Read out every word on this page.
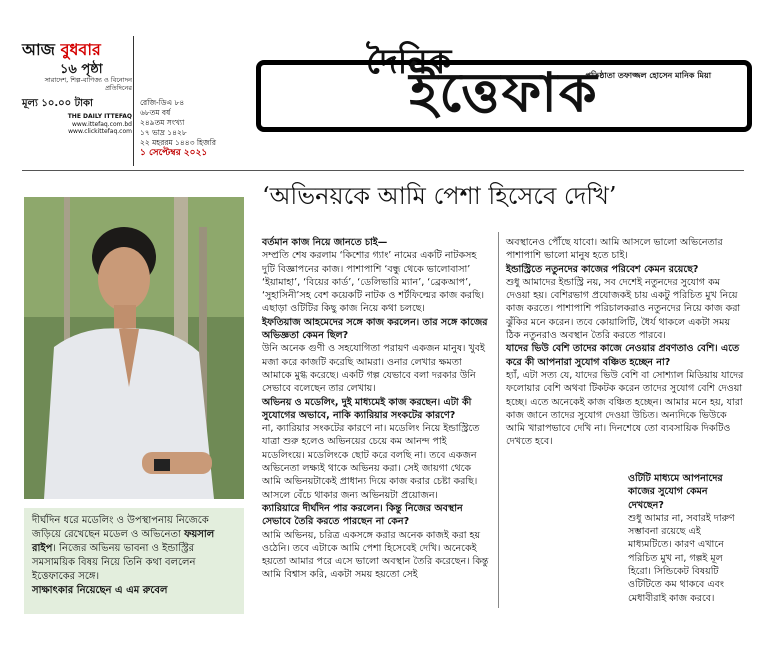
আজ বুধবার
১৬ পৃষ্ঠা
সারাদেশ, শিল্প-বাণিজ্য ও বিনোদন প্রতিদিনের
মূল্য ১০.০০ টাকা
THE DAILY ITTEFAQ
www.ittefaq.com.bd www.clickittefaq.com
রেজি-ডিএ ৮৪
৬৮তম বর্ষ
২৪৯তম সংখ্যা
১৭ ভাদ্র ১৪২৮
২২ মহররম ১৪৪৩ হিজরি
১ সেপ্টেম্বর ২০২১
দৈনিক
ইত্তেফাক
প্রতিষ্ঠাতা তফাজ্জল হোসেন মানিক মিয়া
দীর্ঘদিন ধরে মডেলিং ও উপস্থাপনায় নিজেকে জড়িয়ে রেখেছেন মডেল ও অভিনেতা ফয়সাল রাইপ। নিজের অভিনয় ভাবনা ও ইন্ডাস্ট্রির সমসাময়িক বিষয় নিয়ে তিনি কথা বললেন ইত্তেফাকের সঙ্গে।
সাক্ষাৎকার নিয়েছেন এ এম রুবেল
‘অভিনয়কে আমি পেশা হিসেবে দেখি’

বর্তমান কাজ নিয়ে জানতে চাই—

সম্প্রতি শেষ করলাম ‘কিশোর গ্যাং’ নামের একটি নাটকসহ দুটি বিজ্ঞাপনের কাজ। পাশাপাশি ‘বন্ধু থেকে ভালোবাসা’ ‘ইয়ামাহা’, ‘বিয়ের কার্ড’, ‘ডেলিভারি ম্যান’, ‘ব্রেকআপ’, ‘সুহাসিনী’সহ বেশ কয়েকটি নাটক ও শর্টফিল্মের কাজ করছি। এছাড়া ওটিটির কিছু কাজ নিয়ে কথা চলছে।

ইফতিয়াজ আহমেদের সঙ্গে কাজ করলেন। তার সঙ্গে কাজের অভিজ্ঞতা কেমন ছিল?

উনি অনেক গুণী ও সহযোগিতা পরায়ণ একজন মানুষ। খুবই মজা করে কাজটি করেছি আমরা। ওনার লেখার ক্ষমতা আমাকে মুগ্ধ করেছে। একটি গল্প যেভাবে বলা দরকার উনি সেভাবে বলেছেন তার লেখায়।

অভিনয় ও মডেলিং, দুই মাধ্যমেই কাজ করছেন। এটা কী সুযোগের অভাবে, নাকি ক্যারিয়ার সংকটের কারণে?

না, ক্যারিয়ার সংকটের কারণে না। মডেলিং নিয়ে ইন্ডাস্ট্রিতে যাত্রা শুরু হলেও অভিনয়ের চেয়ে কম আনন্দ পাই মডেলিংয়ে। মডেলিংকে ছোট করে বলছি না। তবে একজন অভিনেতা লক্ষ্যই থাকে অভিনয় করা। সেই জায়গা থেকে আমি অভিনয়টাকেই প্রাধান্য দিয়ে কাজ করার চেষ্টা করছি। আসলে বেঁচে থাকার জন্য অভিনয়টা প্রয়োজন।

ক্যারিয়ারে দীর্ঘদিন পার করলেন। কিন্তু নিজের অবস্থান সেভাবে তৈরি করতে পারছেন না কেন?

আমি অভিনয়, চরিত্র একসঙ্গে করার অনেক কাজই করা হয় ওঠেনি। তবে এটাকে আমি পেশা হিসেবেই দেখি। অনেকেই হয়তো আমার পরে এসে ভালো অবস্থান তৈরি করেছেন। কিন্তু আমি বিশ্বাস করি, একটা সময় হয়তো সেই

অবস্থানেও পৌঁছে যাবো। আমি আসলে ভালো অভিনেতার পাশাপাশি ভালো মানুষ হতে চাই।

ইন্ডাস্ট্রিতে নতুনদের কাজের পরিবেশ কেমন রয়েছে?

শুধু আমাদের ইন্ডাস্ট্রি নয়, সব দেশেই নতুনদের সুযোগ কম দেওয়া হয়। বেশিরভাগ প্রযোজকই চায় একটু পরিচিত মুখ নিয়ে কাজ করতে। পাশাপাশি পরিচালকরাও নতুনদের নিয়ে কাজ করা ঝুঁকির মনে করেন। তবে কোয়ালিটি, ধৈর্য থাকলে একটা সময় ঠিক নতুনরাও অবস্থান তৈরি করতে পারবে।

যাদের ভিউ বেশি তাদের কাজে নেওয়ার প্রবণতাও বেশি। এতে করে কী আপনারা সুযোগ বঞ্চিত হচ্ছেন না?

হ্যাঁ, এটা সত্য যে, যাদের ভিউ বেশি বা সোশ্যাল মিডিয়ায় যাদের ফলোয়ার বেশি অথবা টিকটক করেন তাদের সুযোগ বেশি দেওয়া হচ্ছে। এতে অনেকেই কাজ বঞ্চিত হচ্ছেন। আমার মনে হয়, যারা কাজ জানে তাদের সুযোগ দেওয়া উচিত। অন্যদিকে ভিউকে আমি খারাপভাবে দেখি না। দিনশেষে তো ব্যবসায়িক দিকটিও দেখতে হবে।

ওটিটি মাধ্যমে আপনাদের কাজের সুযোগ কেমন দেখছেন?

শুধু আমার না, সবারই দারুণ সম্ভাবনা রয়েছে এই মাধ্যমটিতে। কারণ এখানে পরিচিত মুখ না, গল্পই মূল হিরো। সিন্ডিকেট বিষয়টি ওটিটিতে কম থাকবে এবং মেধাবীরাই কাজ করবে।
